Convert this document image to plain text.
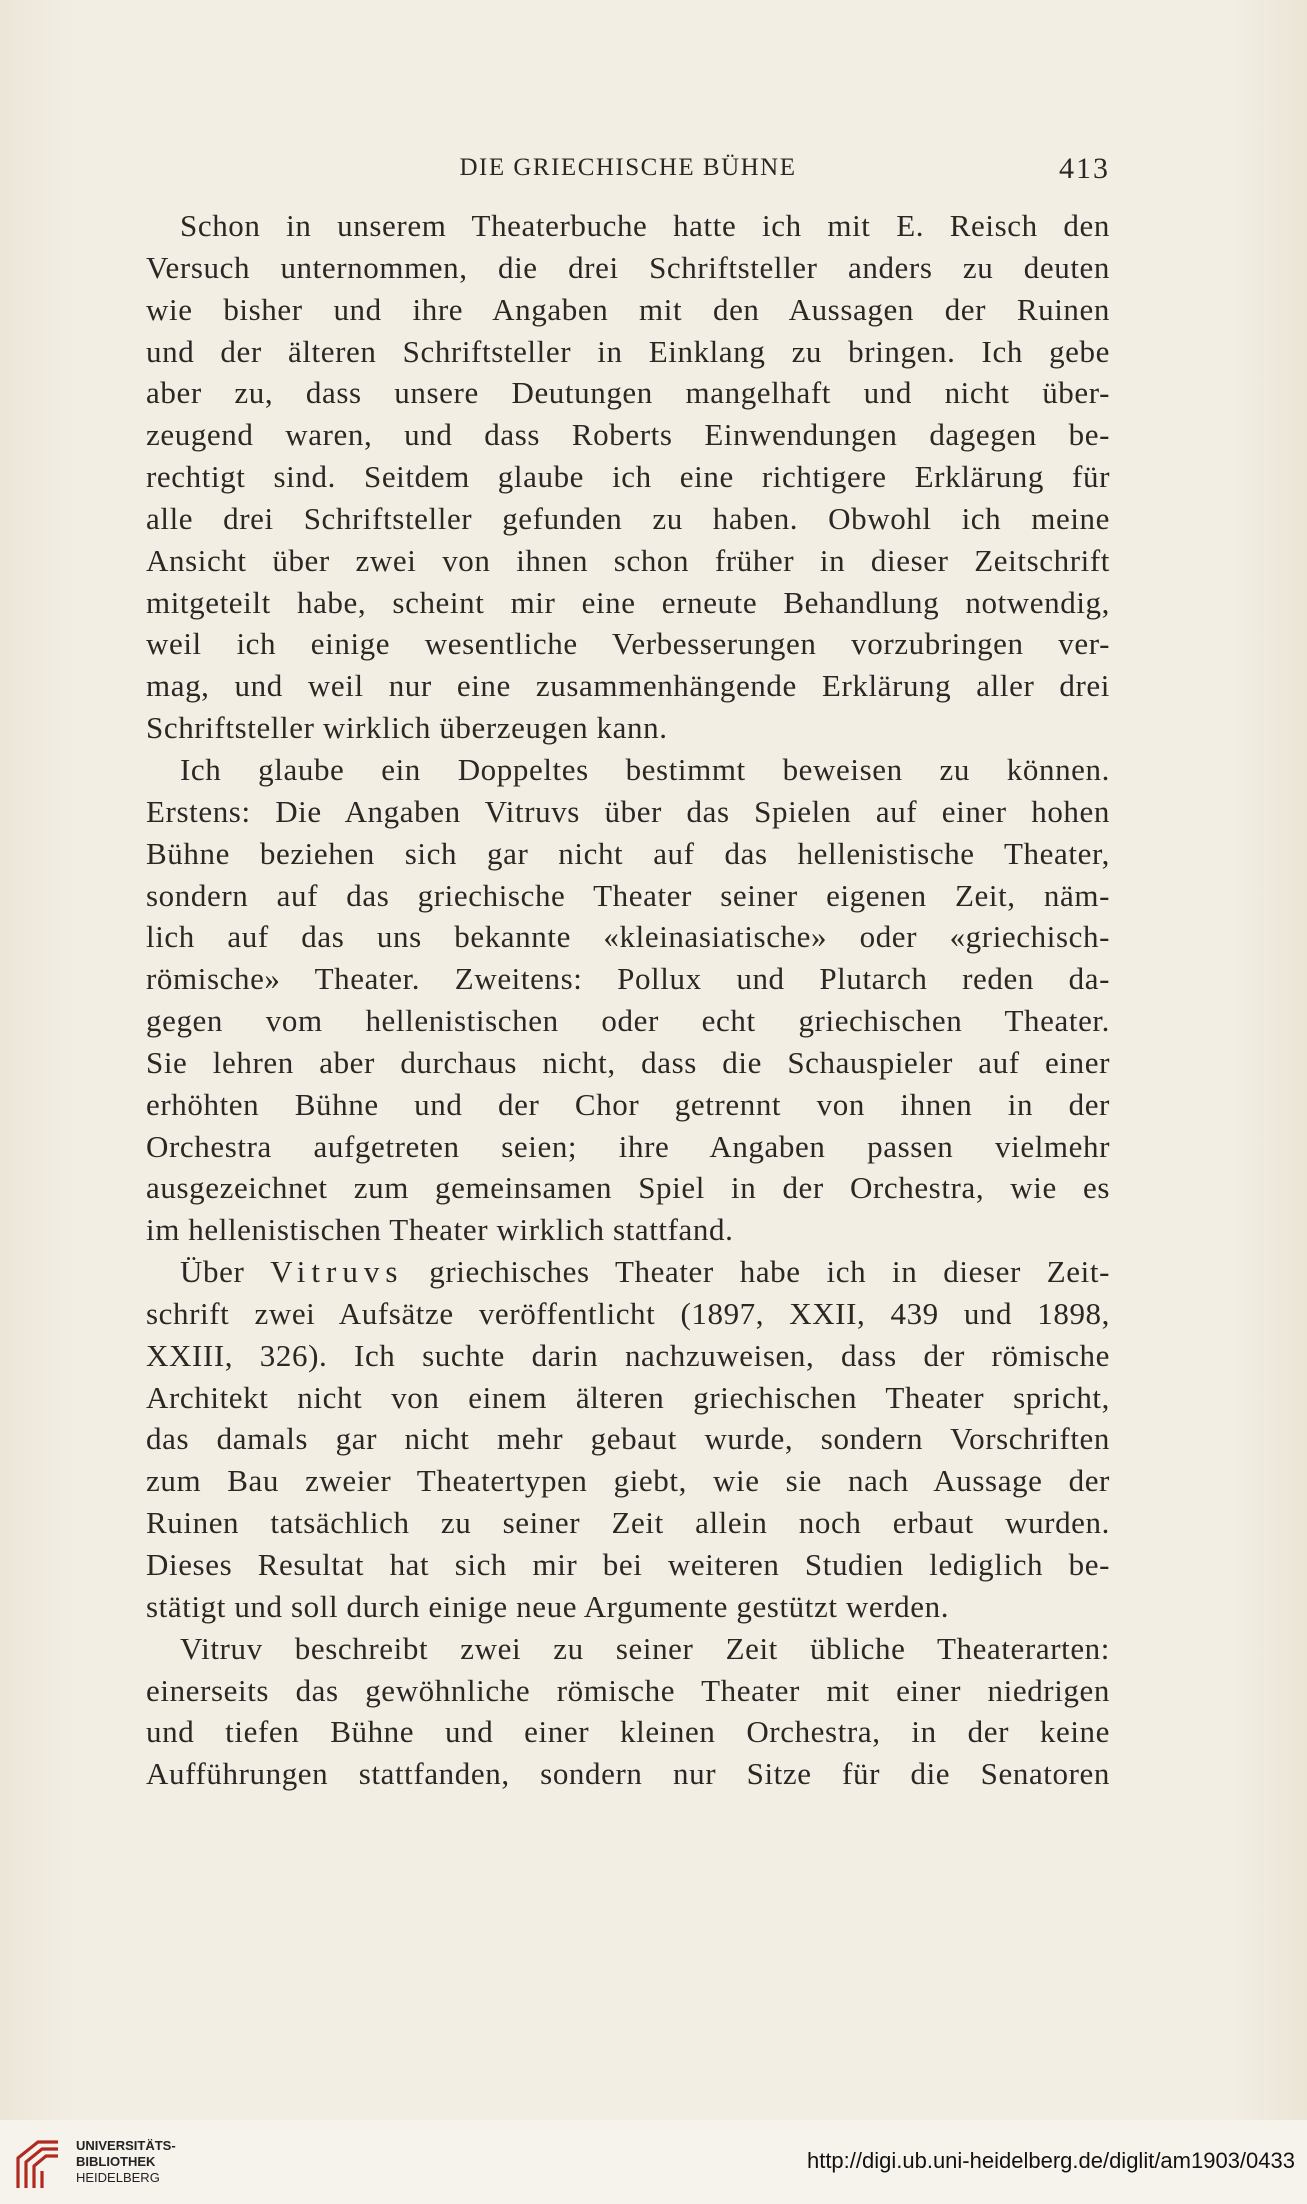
DIE GRIECHISCHE BÜHNE	413
Schon in unserem Theaterbuche hatte ich mit E. Reisch den
Versuch unternommen, die drei Schriftsteller anders zu deuten
wie bisher und ihre Angaben mit den Aussagen der Ruinen
und der älteren Schriftsteller in Einklang zu bringen. Ich gebe
aber zu, dass unsere Deutungen mangelhaft und nicht über-
zeugend waren, und dass Roberts Einwendungen dagegen be-
rechtigt sind. Seitdem glaube ich eine richtigere Erklärung für
alle drei Schriftsteller gefunden zu haben. Obwohl ich meine
Ansicht über zwei von ihnen schon früher in dieser Zeitschrift
mitgeteilt habe, scheint mir eine erneute Behandlung notwendig,
weil ich einige wesentliche Verbesserungen vorzubringen ver-
mag, und weil nur eine zusammenhängende Erklärung aller drei
Schriftsteller wirklich überzeugen kann.
Ich glaube ein Doppeltes bestimmt beweisen zu können.
Erstens: Die Angaben Vitruvs über das Spielen auf einer hohen
Bühne beziehen sich gar nicht auf das hellenistische Theater,
sondern auf das griechische Theater seiner eigenen Zeit, näm-
lich auf das uns bekannte «kleinasiatische» oder «griechisch-
römische» Theater. Zweitens: Pollux und Plutarch reden da-
gegen vom hellenistischen oder echt griechischen Theater.
Sie lehren aber durchaus nicht, dass die Schauspieler auf einer
erhöhten Bühne und der Chor getrennt von ihnen in der
Orchestra aufgetreten seien; ihre Angaben passen vielmehr
ausgezeichnet zum gemeinsamen Spiel in der Orchestra, wie es
im hellenistischen Theater wirklich stattfand.
Über Vitruvs griechisches Theater habe ich in dieser Zeit-
schrift zwei Aufsätze veröffentlicht (1897, XXII, 439 und 1898,
XXIII, 326). Ich suchte darin nachzuweisen, dass der römische
Architekt nicht von einem älteren griechischen Theater spricht,
das damals gar nicht mehr gebaut wurde, sondern Vorschriften
zum Bau zweier Theatertypen giebt, wie sie nach Aussage der
Ruinen tatsächlich zu seiner Zeit allein noch erbaut wurden.
Dieses Resultat hat sich mir bei weiteren Studien lediglich be-
stätigt und soll durch einige neue Argumente gestützt werden.
Vitruv beschreibt zwei zu seiner Zeit übliche Theaterarten:
einerseits das gewöhnliche römische Theater mit einer niedrigen
und tiefen Bühne und einer kleinen Orchestra, in der keine
Aufführungen stattfanden, sondern nur Sitze für die Senatoren
UNIVERSITÄTS-
BIBLIOTHEK
HEIDELBERG
http://digi.ub.uni-heidelberg.de/diglit/am1903/0433
